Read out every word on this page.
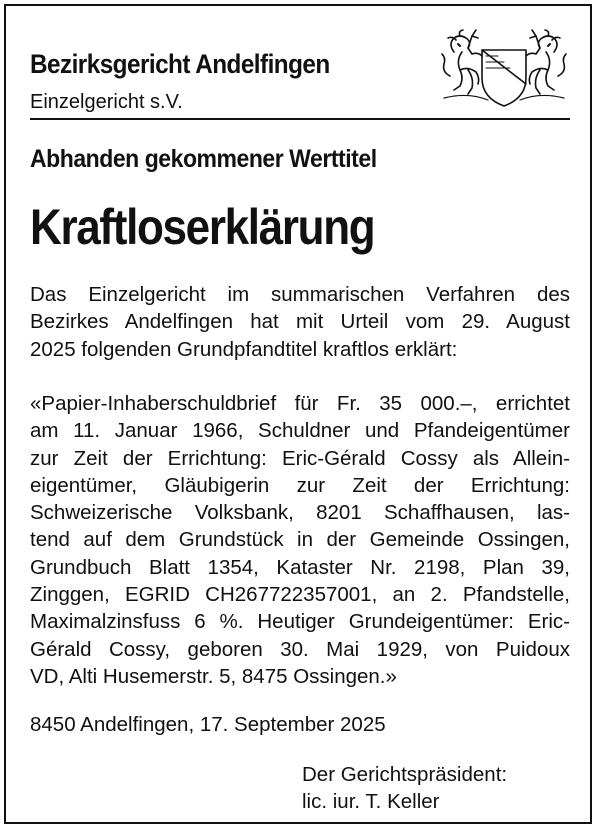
Bezirksgericht Andelfingen
Einzelgericht s.V.
Abhanden gekommener Werttitel
Kraftloserklärung
Das Einzelgericht im summarischen Verfahren des
Bezirkes Andelfingen hat mit Urteil vom 29. August
2025 folgenden Grundpfandtitel kraftlos erklärt:
«Papier-Inhaberschuldbrief für Fr. 35 000.–, errichtet
am 11. Januar 1966, Schuldner und Pfandeigentümer
zur Zeit der Errichtung: Eric-Gérald Cossy als Allein-
eigentümer, Gläubigerin zur Zeit der Errichtung:
Schweizerische Volksbank, 8201 Schaffhausen, las-
tend auf dem Grundstück in der Gemeinde Ossingen,
Grundbuch Blatt 1354, Kataster Nr. 2198, Plan 39,
Zinggen, EGRID CH267722357001, an 2. Pfandstelle,
Maximalzinsfuss 6 %. Heutiger Grundeigentümer: Eric-
Gérald Cossy, geboren 30. Mai 1929, von Puidoux
VD, Alti Husemerstr. 5, 8475 Ossingen.»
8450 Andelfingen, 17. September 2025
Der Gerichtspräsident:
lic. iur. T. Keller
